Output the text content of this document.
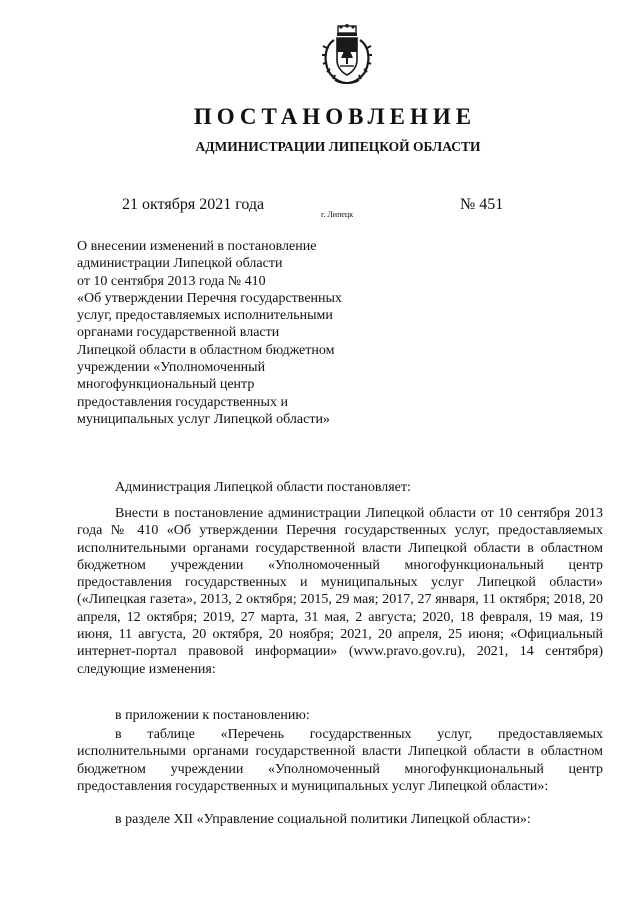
ПОСТАНОВЛЕНИЕ
АДМИНИСТРАЦИИ ЛИПЕЦКОЙ ОБЛАСТИ
21 октября 2021 года
г. Липецк
№ 451
О внесении изменений в постановление
администрации Липецкой области
от 10 сентября 2013 года № 410
«Об утверждении Перечня государственных
услуг, предоставляемых исполнительными
органами государственной власти
Липецкой области в областном бюджетном
учреждении «Уполномоченный
многофункциональный центр
предоставления государственных и
муниципальных услуг Липецкой области»

Администрация Липецкой области постановляет:

Внести в постановление администрации Липецкой области от 10 сентября 2013 года № 410 «Об утверждении Перечня государственных услуг, предоставляемых исполнительными органами государственной власти Липецкой области в областном бюджетном учреждении «Уполномоченный многофункциональный центр предоставления государственных и муниципальных услуг Липецкой области» («Липецкая газета», 2013, 2 октября; 2015, 29 мая; 2017, 27 января, 11 октября; 2018, 20 апреля, 12 октября; 2019, 27 марта, 31 мая, 2 августа; 2020, 18 февраля, 19 мая, 19 июня, 11 августа, 20 октября, 20 ноября; 2021, 20 апреля, 25 июня; «Официальный интернет-портал правовой информации» (www.pravo.gov.ru), 2021, 14 сентября) следующие изменения:

в приложении к постановлению:

в таблице «Перечень государственных услуг, предоставляемых исполнительными органами государcтвенной власти Липецкой области в областном бюджетном учреждении «Уполномоченный многофункциональный центр предоставления государственных и муниципальных услуг Липецкой области»:

в разделе XII «Управление социальной политики Липецкой области»:
